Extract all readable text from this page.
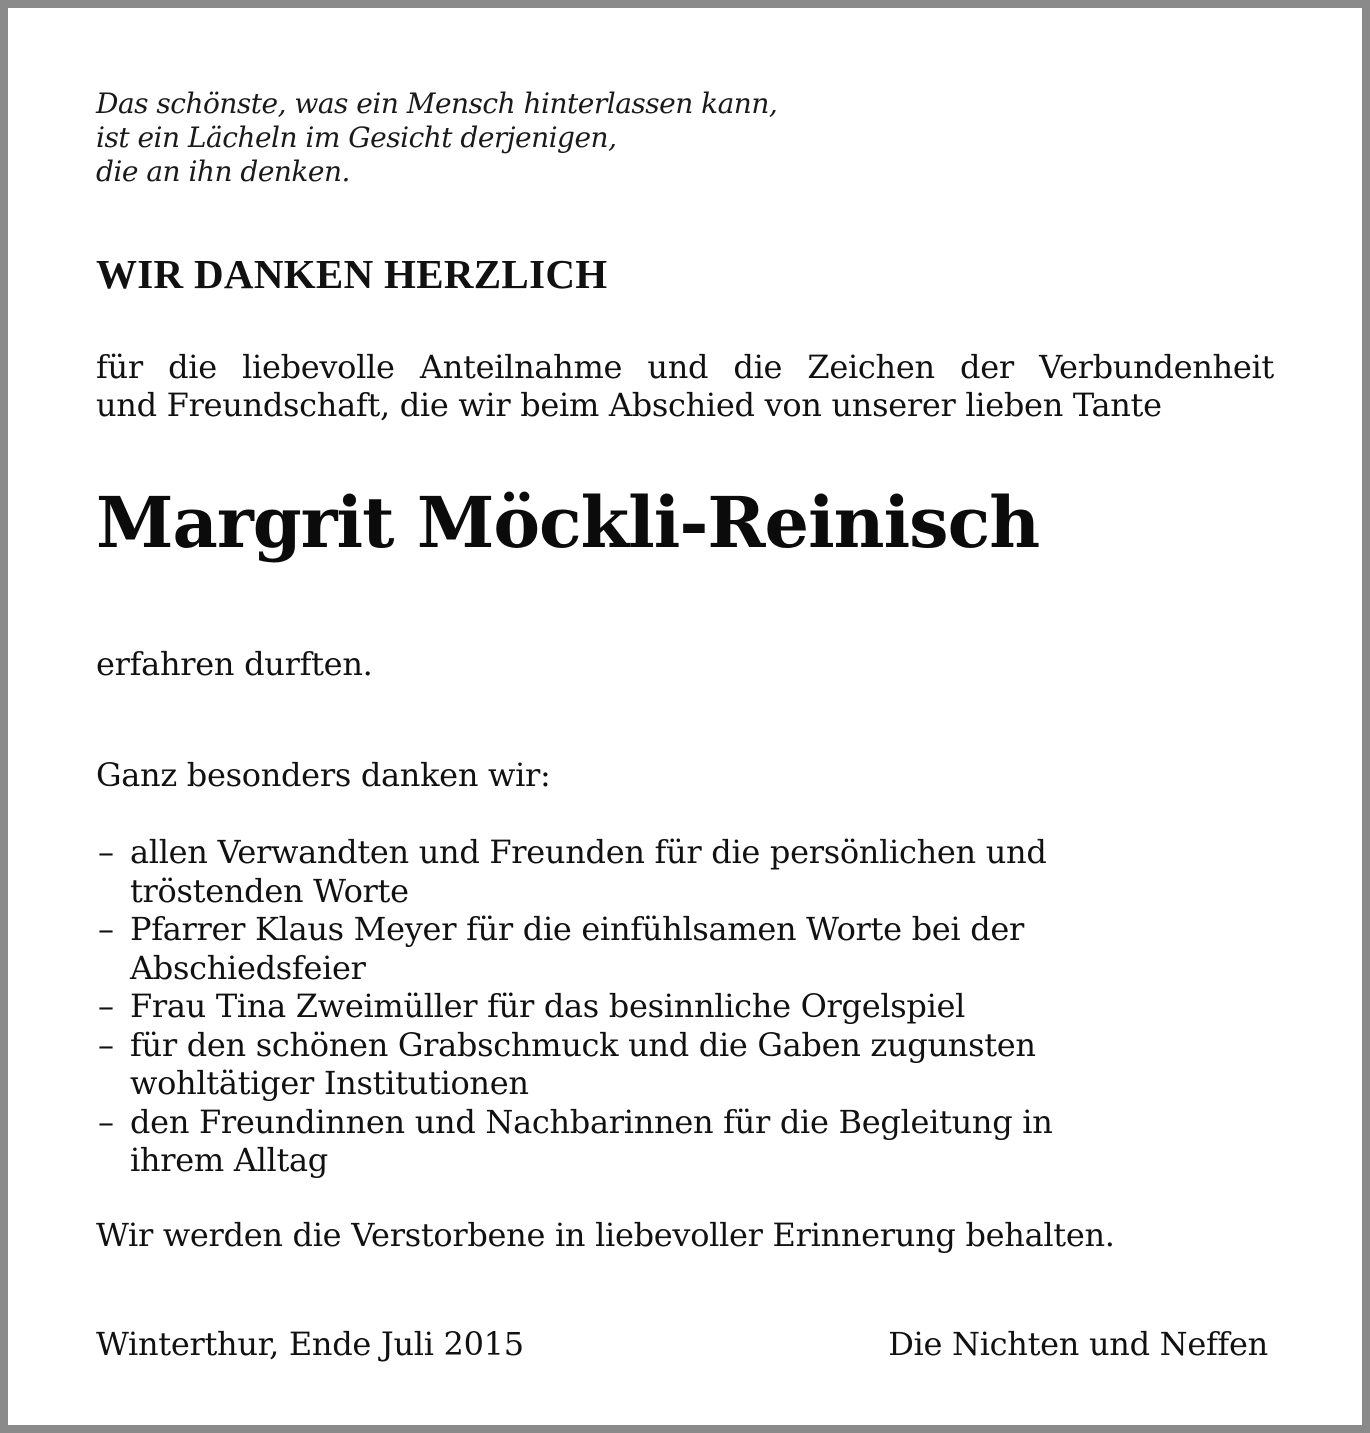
Das schönste, was ein Mensch hinterlassen kann,
ist ein Lächeln im Gesicht derjenigen,
die an ihn denken.
WIR DANKEN HERZLICH
für die liebevolle Anteilnahme und die Zeichen der Verbundenheit
und Freundschaft, die wir beim Abschied von unserer lieben Tante
Margrit Möckli-Reinisch
erfahren durften.
Ganz besonders danken wir:
– allen Verwandten und Freunden für die persönlichen und
tröstenden Worte
– Pfarrer Klaus Meyer für die einfühlsamen Worte bei der
Abschiedsfeier
– Frau Tina Zweimüller für das besinnliche Orgelspiel
– für den schönen Grabschmuck und die Gaben zugunsten
wohltätiger Institutionen
– den Freundinnen und Nachbarinnen für die Begleitung in
ihrem Alltag
Wir werden die Verstorbene in liebevoller Erinnerung behalten.
Winterthur, Ende Juli 2015	Die Nichten und Neffen
